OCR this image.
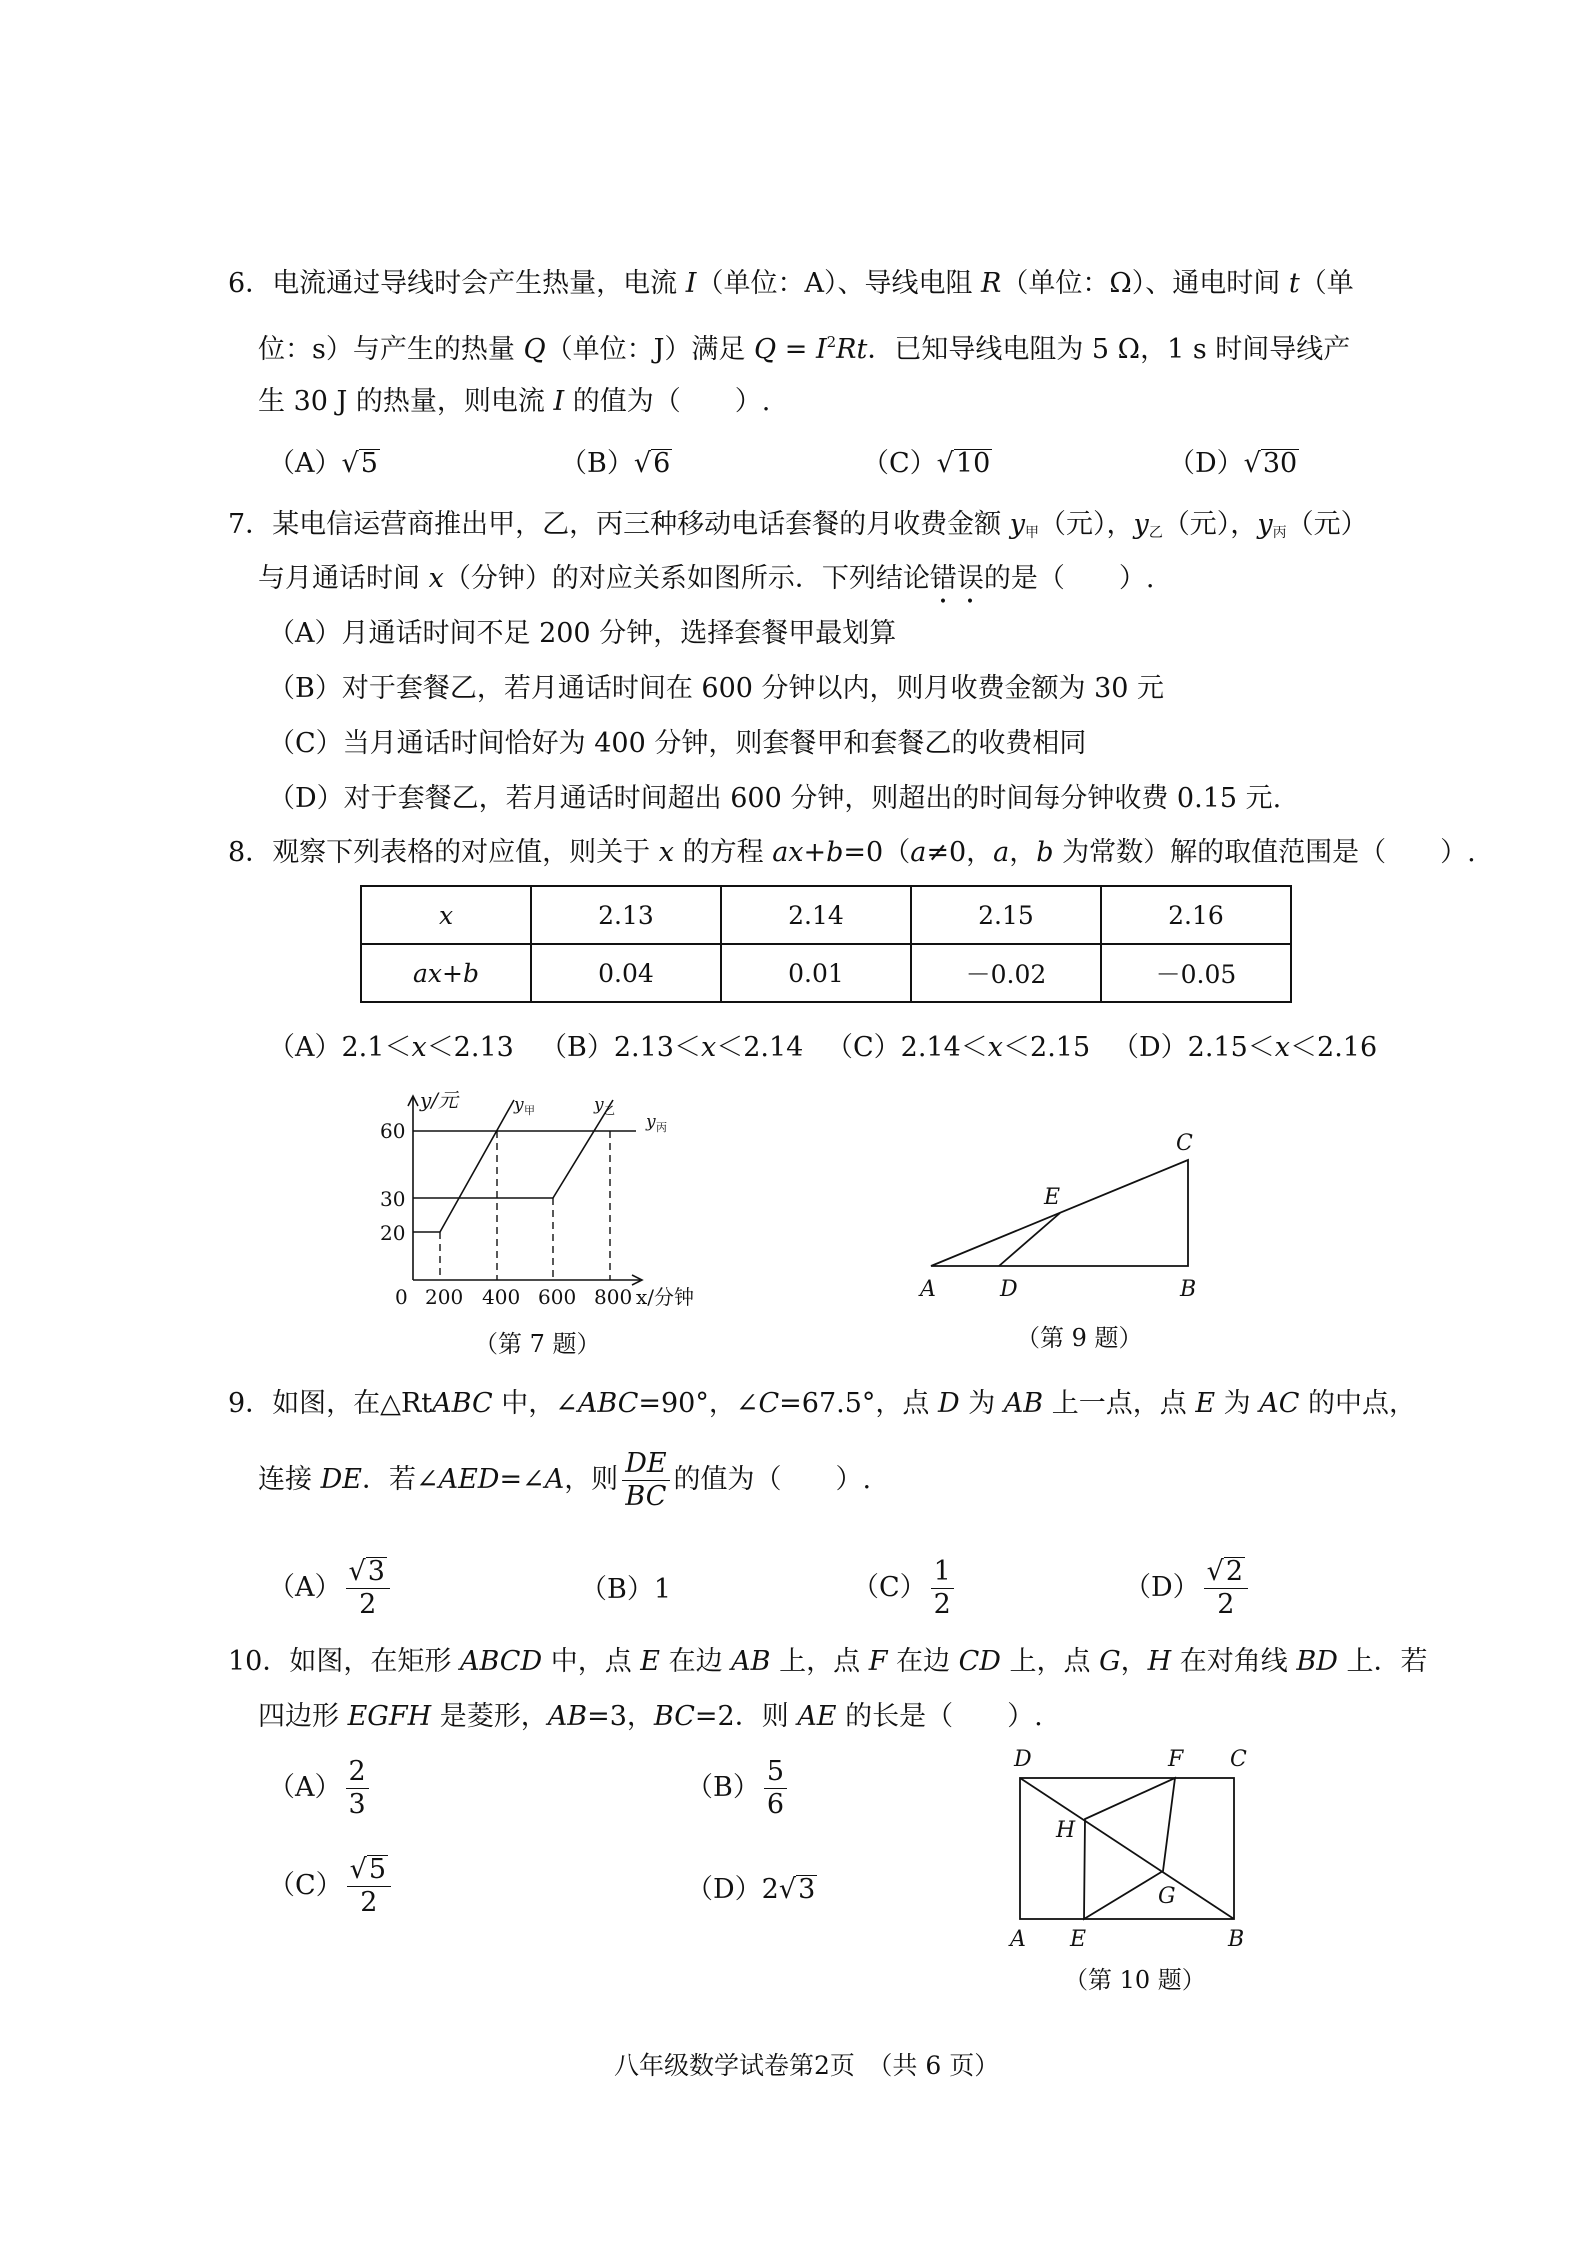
6．电流通过导线时会产生热量，电流 I（单位：A）、导线电阻 R（单位：Ω）、通电时间 t（单
位：s）与产生的热量 Q（单位：J）满足 $Q = I^2Rt$．已知导线电阻为 5 Ω，1 s 时间导线产
生 30 J 的热量，则电流 I 的值为（　　）.
（A）√5	（B）√6	（C）√10	（D）√30
7．某电信运营商推出甲，乙，丙三种移动电话套餐的月收费金额 $y_甲$（元），$y_乙$（元），$y_丙$（元）
与月通话时间 x（分钟）的对应关系如图所示．下列结论错误的是（　　）.
（A）月通话时间不足 200 分钟，选择套餐甲最划算
（B）对于套餐乙，若月通话时间在 600 分钟以内，则月收费金额为 30 元
（C）当月通话时间恰好为 400 分钟，则套餐甲和套餐乙的收费相同
（D）对于套餐乙，若月通话时间超出 600 分钟，则超出的时间每分钟收费 0.15 元.
8．观察下列表格的对应值，则关于 x 的方程 ax+b=0（a≠0，a，b 为常数）解的取值范围是（　　）.
x	2.13	2.14	2.15	2.16
ax+b	0.04	0.01	－0.02	－0.05
（A）2.1＜x＜2.13 （B）2.13＜x＜2.14 （C）2.14＜x＜2.15 （D）2.15＜x＜2.16
y/元
60
30
20
0 200 400 600 800 x/分钟
y 甲	y 乙
y 丙
（第 7 题）
A	B
C
D
E
（第 9 题）
9．如图，在△RtABC 中，∠ABC=90°，∠C=67.5°，点 D 为 AB 上一点，点 E 为 AC 的中点，
连接 DE．若∠AED=∠A，则 $\frac{DE}{BC}$ 的值为（　　）.
$(A) \frac{√3}{2}$	（B）1	$(C) \frac{1}{2}$	$(D) \frac{√2}{2}$
10．如图，在矩形 ABCD 中，点 E 在边 AB 上，点 F 在边 CD 上，点 G，H 在对角线 BD 上．若
四边形 EGFH 是菱形，AB=3，BC=2．则 AE 的长是（　　）.
$(A) \frac{2}{3}$	$(B) \frac{5}{6}$
$(C) \frac{√5}{2}$	（D）2√3
D	F C
H
G
A E	B
（第 10 题）
八年级数学试卷第2页　（共 6 页）
